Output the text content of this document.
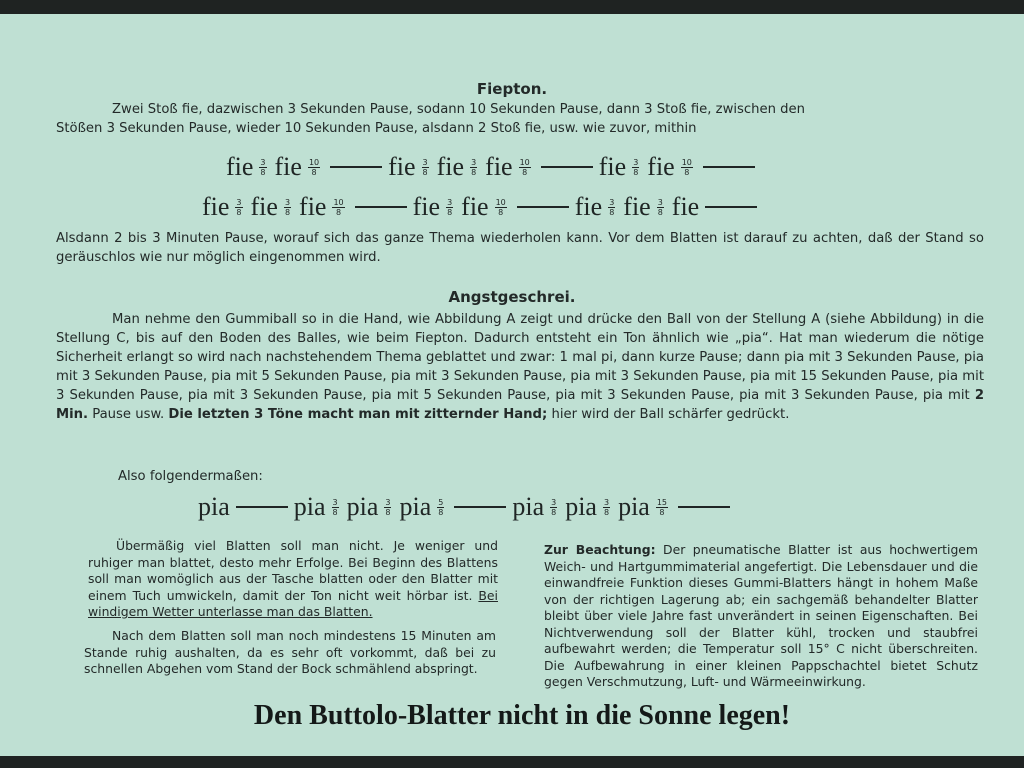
Fiepton.
Zwei Stoß fie, dazwischen 3 Sekunden Pause, sodann 10 Sekunden Pause, dann 3 Stoß fie, zwischen den
Stößen 3 Sekunden Pause, wieder 10 Sekunden Pause, alsdann 2 Stoß fie, usw. wie zuvor, mithin
fie $\frac{3}{8}$ fie $\frac{10}{8}$	fie $\frac{3}{8}$ fie $\frac{3}{8}$ fie $\frac{10}{8}$	fie $\frac{3}{8}$ fie $\frac{10}{8}$
fie $\frac{3}{8}$ fie $\frac{3}{8}$ fie $\frac{10}{8}$	fie $\frac{3}{8}$ fie $\frac{10}{8}$	fie $\frac{3}{8}$ fie $\frac{3}{8}$ fie
Alsdann 2 bis 3 Minuten Pause, worauf sich das ganze Thema wiederholen kann. Vor dem Blatten ist darauf zu achten, daß der Stand so geräuschlos wie nur möglich eingenommen wird.
Angstgeschrei.
Man nehme den Gummiball so in die Hand, wie Abbildung A zeigt und drücke den Ball von der Stellung A (siehe Abbildung) in die Stellung C, bis auf den Boden des Balles, wie beim Fiepton. Dadurch entsteht ein Ton ähnlich wie „pia“. Hat man wiederum die nötige Sicherheit erlangt so wird nach nachstehendem Thema geblattet und zwar: 1 mal pi, dann kurze Pause; dann pia mit 3 Sekunden Pause, pia mit 3 Sekunden Pause, pia mit 5 Sekunden Pause, pia mit 3 Sekunden Pause, pia mit 3 Sekunden Pause, pia mit 15 Sekunden Pause, pia mit 3 Sekunden Pause, pia mit 3 Sekunden Pause, pia mit 5 Sekunden Pause, pia mit 3 Sekunden Pause, pia mit 3 Sekunden Pause, pia mit 2 Min. Pause usw. Die letzten 3 Töne macht man mit zitternder Hand; hier wird der Ball schärfer gedrückt.
Also folgendermaßen:
pia pia $\frac{3}{8}$ pia $\frac{3}{8}$ pia $\frac{5}{8}$	pia $\frac{3}{8}$ pia $\frac{3}{8}$ pia $\frac{15}{8}$
Übermäßig viel Blatten soll man nicht. Je weniger und ruhiger man blattet, desto mehr Erfolge. Bei Beginn des Blattens soll man womöglich aus der Tasche blatten oder den Blatter mit einem Tuch umwickeln, damit der Ton nicht weit hörbar ist. Bei windigem Wetter unterlasse man das Blatten.
Nach dem Blatten soll man noch mindestens 15 Minuten am Stande ruhig aushalten, da es sehr oft vorkommt, daß bei zu schnellen Abgehen vom Stand der Bock schmählend abspringt.
Zur Beachtung: Der pneumatische Blatter ist aus hochwertigem Weich- und Hartgummimaterial angefertigt. Die Lebensdauer und die einwandfreie Funktion dieses Gummi-Blatters hängt in hohem Maße von der richtigen Lagerung ab; ein sachgemäß behandelter Blatter bleibt über viele Jahre fast unverändert in seinen Eigenschaften. Bei Nichtverwendung soll der Blatter kühl, trocken und staubfrei aufbewahrt werden; die Temperatur soll 15° C nicht überschreiten. Die Aufbewahrung in einer kleinen Pappschachtel bietet Schutz gegen Verschmutzung, Luft- und Wärmeeinwirkung.
Den Buttolo-Blatter nicht in die Sonne legen!
